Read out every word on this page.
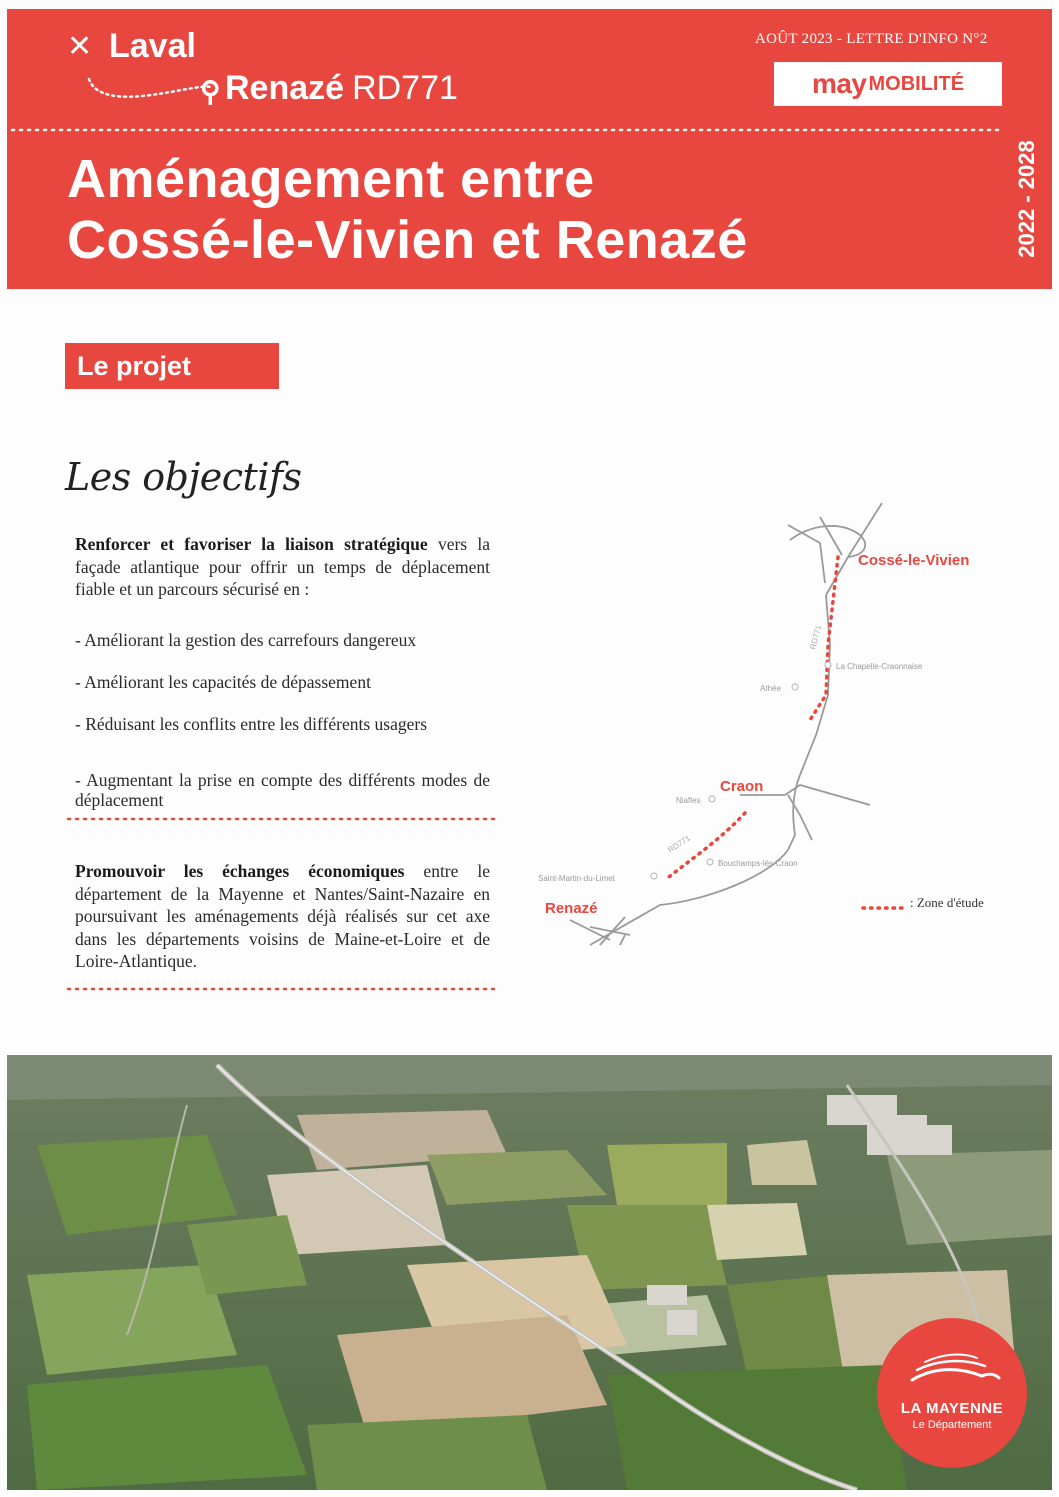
✕ Laval
⚲ Renazé RD771
AOÛT 2023 - LETTRE D'INFO N°2
may MOBILITÉ
Aménagement entre
Cossé-le-Vivien et Renazé	2022 - 2028
Le projet
Les objectifs

Renforcer et favoriser la liaison stratégique vers la façade atlantique pour offrir un temps de déplacement fiable et un parcours sécurisé en :

- Améliorant la gestion des carrefours dangereux
- Améliorant les capacités de dépassement
- Réduisant les conflits entre les différents usagers
- Augmentant la prise en compte des différents modes de déplacement

Promouvoir les échanges économiques entre le département de la Mayenne et Nantes/Saint-Nazaire en poursuivant les aménagements déjà réalisés sur cet axe dans les départements voisins de Maine-et-Loire et de Loire-Atlantique.

RD771
RD771
Cossé-le-Vivien
Craon
Renazé
La Chapelle-Craonnaise
Athée
Niafles
Bouchamps-lès-Craon
Saint-Martin-du-Limet
: Zone d'étude
LA MAYENNE
Le Département
